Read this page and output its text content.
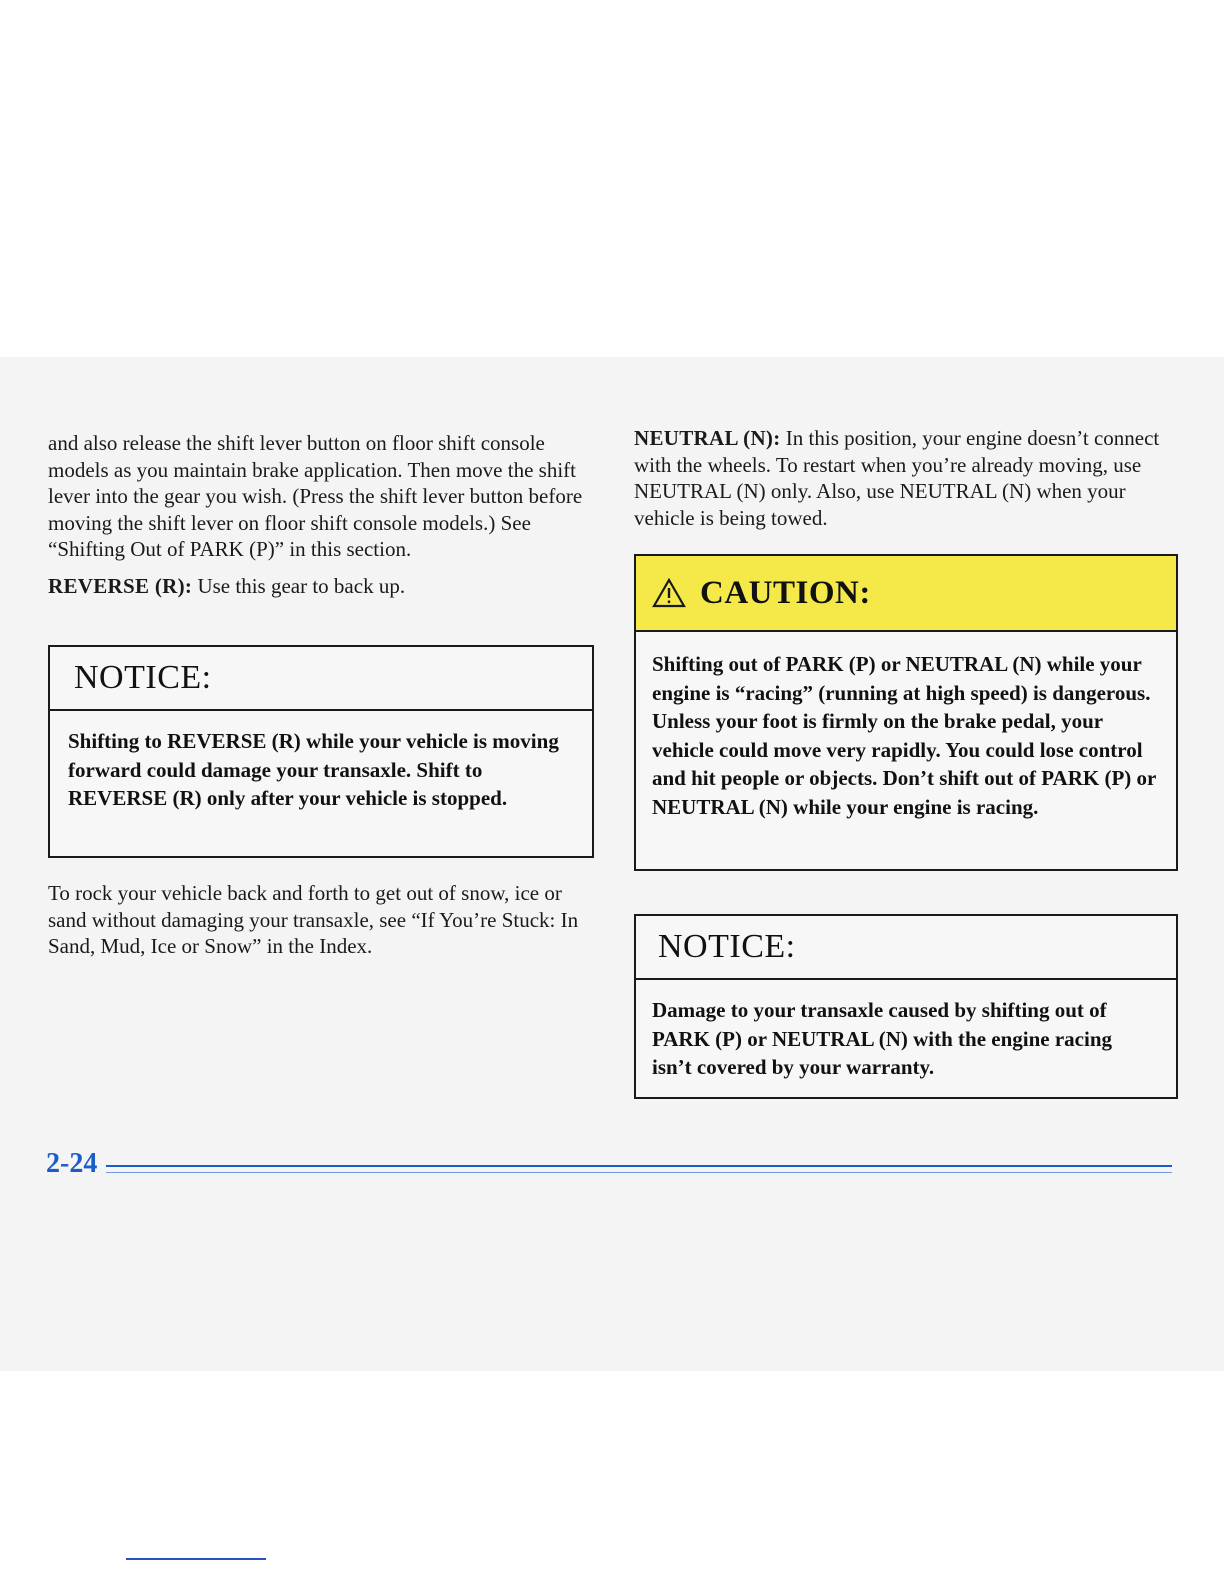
and also release the shift lever button on floor shift console models as you maintain brake application. Then move the shift lever into the gear you wish. (Press the shift lever button before moving the shift lever on floor shift console models.) See “Shifting Out of PARK (P)” in this section.

REVERSE (R): Use this gear to back up.

NOTICE:
Shifting to REVERSE (R) while your vehicle is moving forward could damage your transaxle. Shift to REVERSE (R) only after your vehicle is stopped.

To rock your vehicle back and forth to get out of snow, ice or sand without damaging your transaxle, see “If You’re Stuck: In Sand, Mud, Ice or Snow” in the Index.

NEUTRAL (N): In this position, your engine doesn’t connect with the wheels. To restart when you’re already moving, use NEUTRAL (N) only. Also, use NEUTRAL (N) when your vehicle is being towed.

CAUTION:
Shifting out of PARK (P) or NEUTRAL (N) while your engine is “racing” (running at high speed) is dangerous. Unless your foot is firmly on the brake pedal, your vehicle could move very rapidly. You could lose control and hit people or objects. Don’t shift out of PARK (P) or NEUTRAL (N) while your engine is racing.
NOTICE:
Damage to your transaxle caused by shifting out of PARK (P) or NEUTRAL (N) with the engine racing isn’t covered by your warranty.
2-24
